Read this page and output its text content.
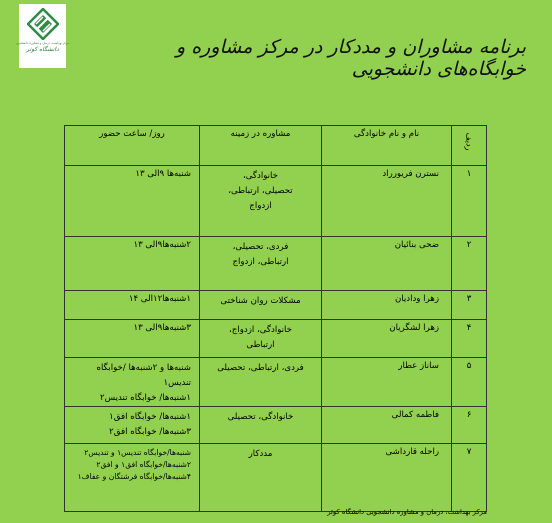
مرکز بهداشت، درمان و مشاوره دانشجویی
دانشگاه کوثر	برنامه مشاوران و مددکار در مرکز مشاوره و خوابگاه‌های دانشجویی
ردیف	نام و نام خانوادگی	مشاوره در زمینه	روز/ ساعت حضور
۱	نسترن فریورراد	خانوادگی،
تحصیلی، ارتباطی،
ازدواج	شنبه‌ها ۹الی ۱۳

۲	ضحی بنائیان	فردی، تحصیلی،
ارتباطی، ازدواج	۲شنبه‌ها۹الی ۱۳

۳	زهرا ودادیان	مشکلات روان شناختی	۱شنبه‌ها۱۲الی ۱۴

۴	زهرا لشگریان	خانوادگی، ازدواج،
ارتباطی	۳شنبه‌ها۹الی ۱۳

۵	ساناز عطار	فردی، ارتباطی، تحصیلی	شنبه‌ها و ۲شنبه‌ها /خوابگاه تندیس۱
۱شنبه‌ها/ خوابگاه تندیس۲

۶	فاطمه کمالی	خانوادگی، تحصیلی	۱شنبه‌ها/ خوابگاه افق۱
۳شنبه‌ها/ خوابگاه افق۲

۷	راحله قارداشی	مددکار	شنبه‌ها/خوابگاه تندیس۱ و تندیس۲
۲شنبه‌ها/خوابگاه افق۱ و افق۲
۴شنبه‌ها/خوابگاه فرشتگان و عفاف۱
مرکز بهداشت، درمان و مشاوره دانشجویی دانشگاه کوثر
